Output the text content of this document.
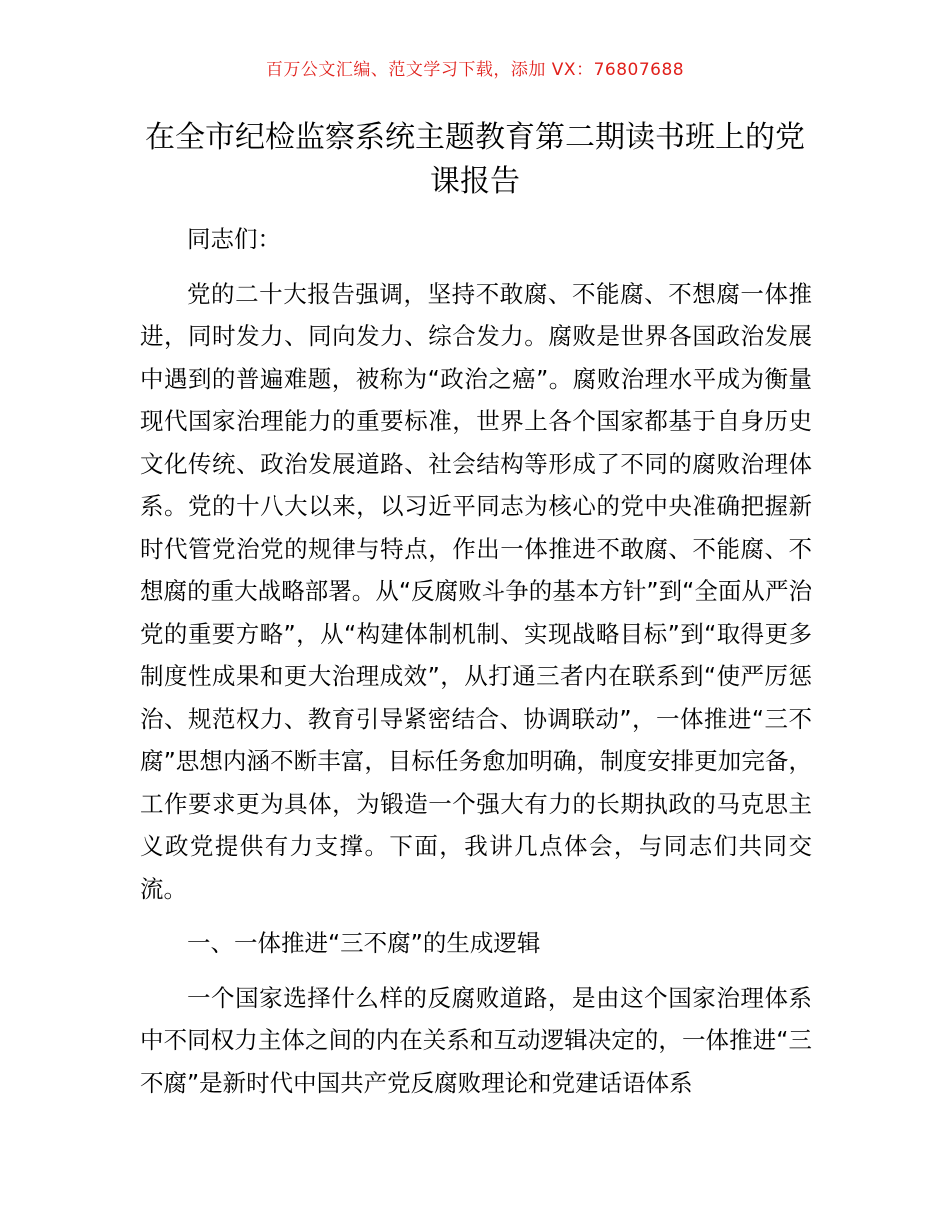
百万公文汇编、范文学习下载，添加 VX：76807688
在全市纪检监察系统主题教育第二期读书班上的党课报告

同志们：

党的二十大报告强调，坚持不敢腐、不能腐、不想腐一体推进，同时发力、同向发力、综合发力。腐败是世界各国政治发展中遇到的普遍难题，被称为“政治之癌”。腐败治理水平成为衡量现代国家治理能力的重要标准，世界上各个国家都基于自身历史文化传统、政治发展道路、社会结构等形成了不同的腐败治理体系。党的十八大以来，以习近平同志为核心的党中央准确把握新时代管党治党的规律与特点，作出一体推进不敢腐、不能腐、不想腐的重大战略部署。从“反腐败斗争的基本方针”到“全面从严治党的重要方略”，从“构建体制机制、实现战略目标”到“取得更多制度性成果和更大治理成效”，从打通三者内在联系到“使严厉惩治、规范权力、教育引导紧密结合、协调联动”，一体推进“三不腐”思想内涵不断丰富，目标任务愈加明确，制度安排更加完备，工作要求更为具体，为锻造一个强大有力的长期执政的马克思主义政党提供有力支撑。下面，我讲几点体会，与同志们共同交流。

一、一体推进“三不腐”的生成逻辑

一个国家选择什么样的反腐败道路，是由这个国家治理体系中不同权力主体之间的内在关系和互动逻辑决定的，一体推进“三不腐”是新时代中国共产党反腐败理论和党建话语体系
